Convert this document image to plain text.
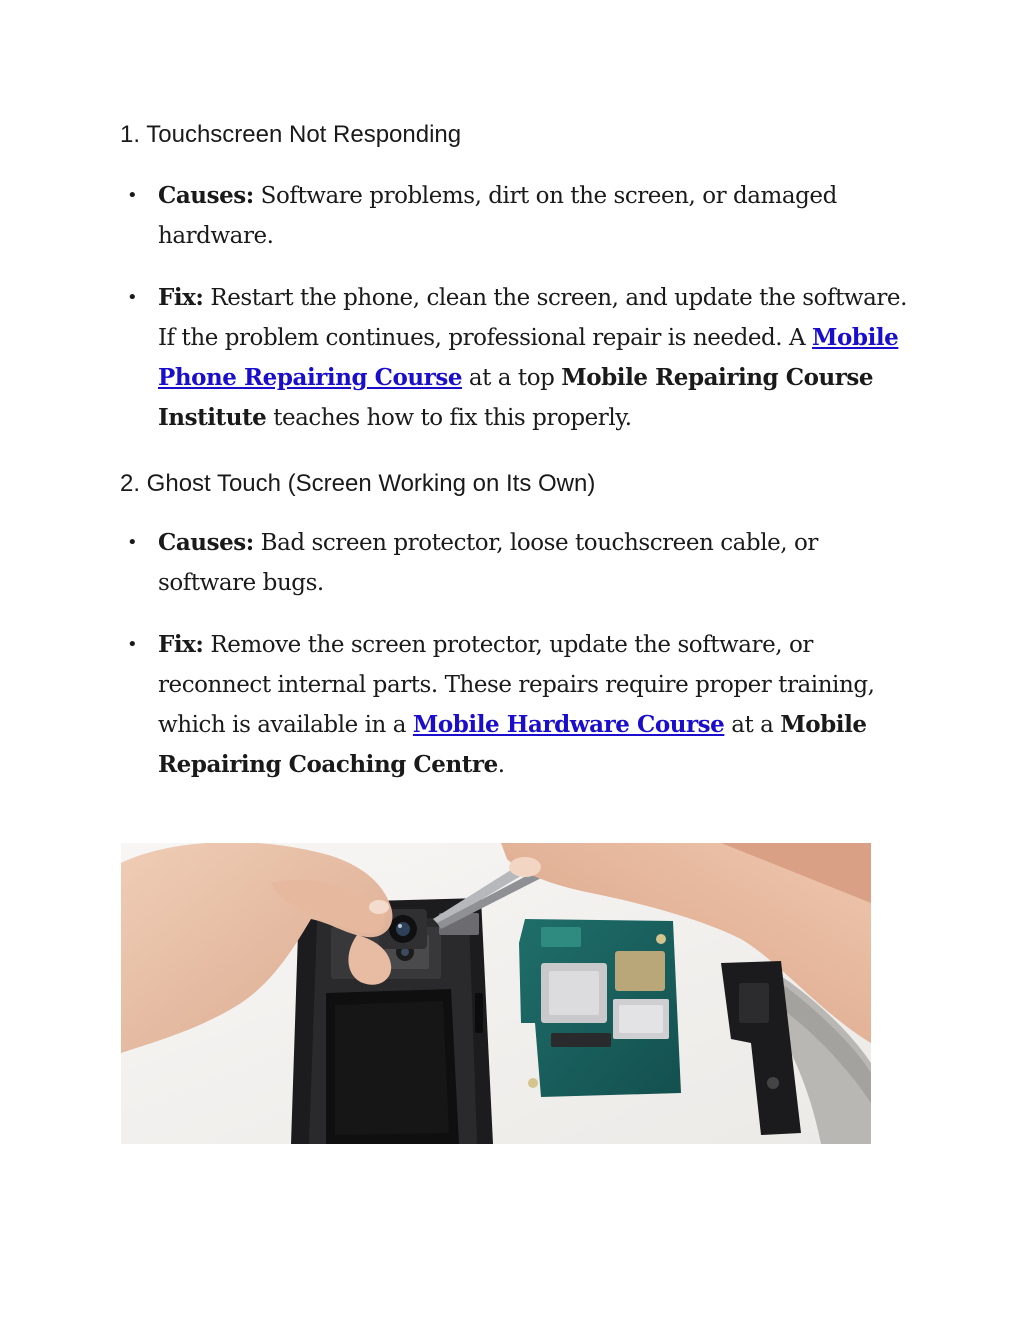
1. Touchscreen Not Responding
• Causes: Software problems, dirt on the screen, or damaged hardware.
• Fix: Restart the phone, clean the screen, and update the software. If the problem continues, professional repair is needed. A Mobile Phone Repairing Course at a top Mobile Repairing Course Institute teaches how to fix this properly.
2. Ghost Touch (Screen Working on Its Own)
• Causes: Bad screen protector, loose touchscreen cable, or software bugs.
• Fix: Remove the screen protector, update the software, or reconnect internal parts. These repairs require proper training, which is available in a Mobile Hardware Course at a Mobile Repairing Coaching Centre.
